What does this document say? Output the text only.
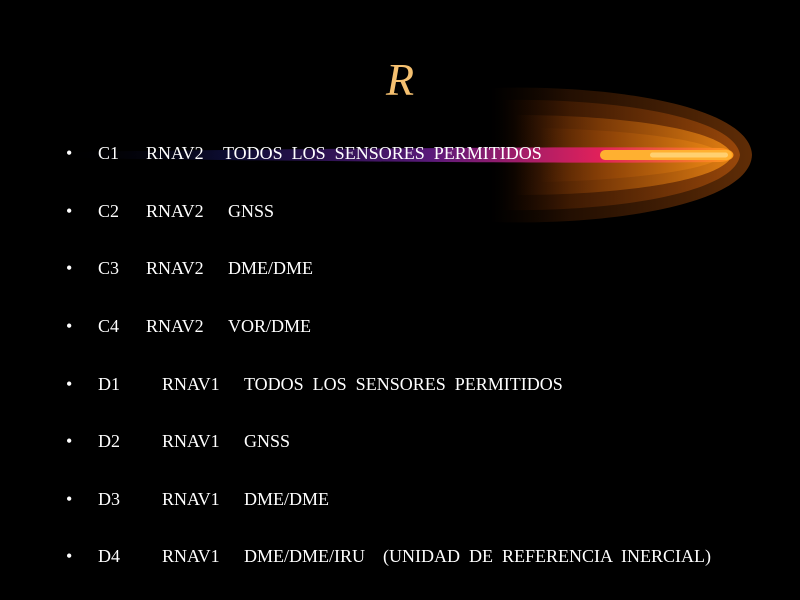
R

•

C1

RNAV2

TODOS  LOS  SENSORES  PERMITIDOS

•

C2

RNAV2

GNSS

•

C3

RNAV2

DME/DME

•

C4

RNAV2

VOR/DME

•

D1

RNAV1

TODOS  LOS  SENSORES  PERMITIDOS

•

D2

RNAV1

GNSS

•

D3

RNAV1

DME/DME

•

D4

RNAV1

DME/DME/IRU    (UNIDAD  DE  REFERENCIA  INERCIAL)
